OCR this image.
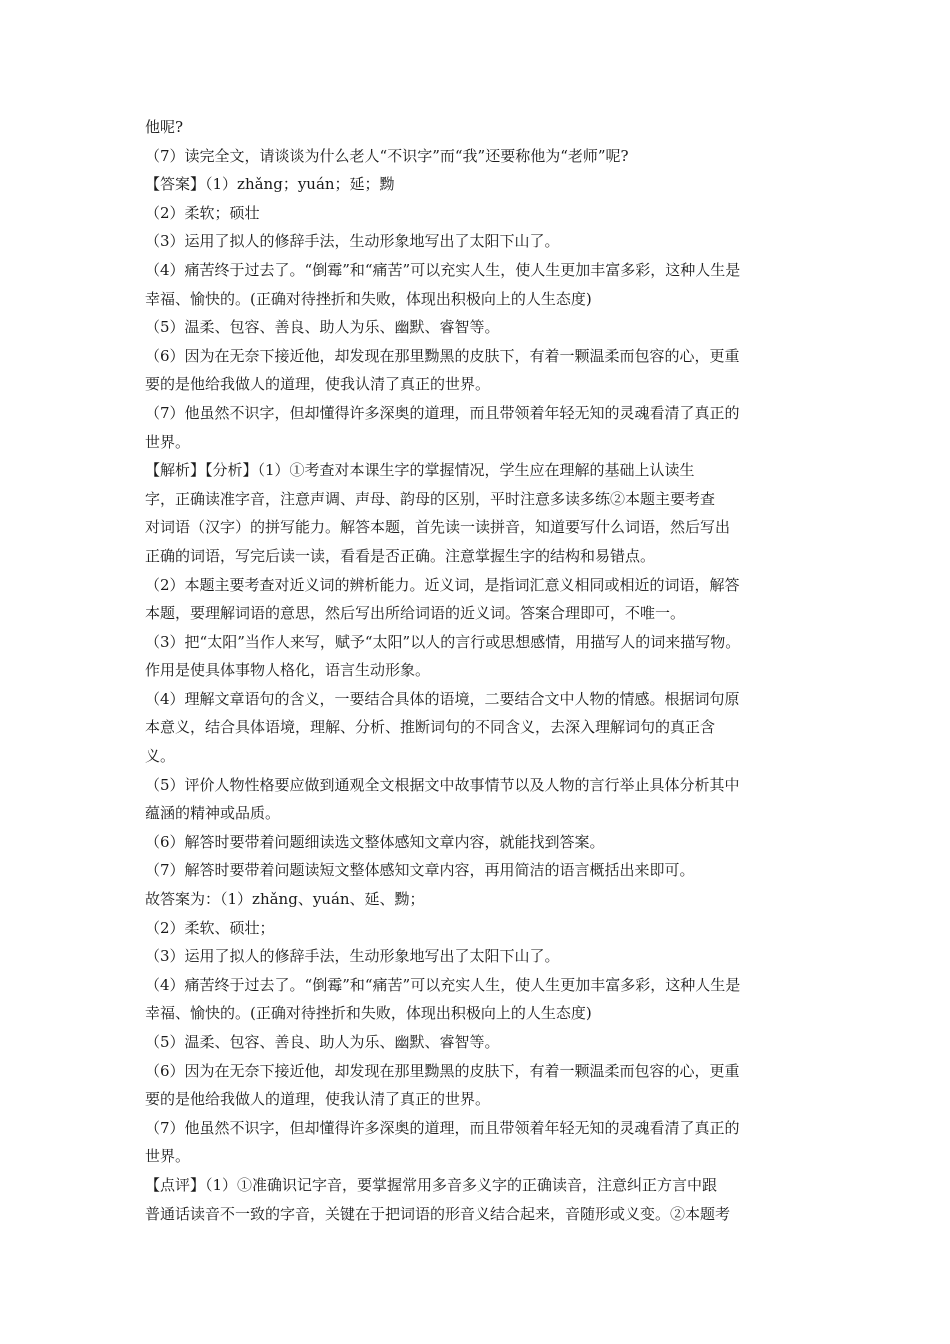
他呢?
（7）读完全文，请谈谈为什么老人“不识字”而“我”还要称他为“老师”呢?
【答案】（1）zhǎng；yuán；延；黝
（2）柔软；硕壮
（3）运用了拟人的修辞手法，生动形象地写出了太阳下山了。
（4）痛苦终于过去了。“倒霉”和“痛苦”可以充实人生，使人生更加丰富多彩，这种人生是
幸福、愉快的。(正确对待挫折和失败，体现出积极向上的人生态度)
（5）温柔、包容、善良、助人为乐、幽默、睿智等。
（6）因为在无奈下接近他，却发现在那里黝黑的皮肤下，有着一颗温柔而包容的心，更重
要的是他给我做人的道理，使我认清了真正的世界。
（7）他虽然不识字，但却懂得许多深奥的道理，而且带领着年轻无知的灵魂看清了真正的
世界。
【解析】【分析】（1）①考查对本课生字的掌握情况，学生应在理解的基础上认读生
字，正确读准字音，注意声调、声母、韵母的区别，平时注意多读多练②本题主要考查
对词语（汉字）的拼写能力。解答本题，首先读一读拼音，知道要写什么词语，然后写出
正确的词语，写完后读一读，看看是否正确。注意掌握生字的结构和易错点。
（2）本题主要考查对近义词的辨析能力。近义词，是指词汇意义相同或相近的词语，解答
本题，要理解词语的意思，然后写出所给词语的近义词。答案合理即可，不唯一。
（3）把“太阳”当作人来写，赋予“太阳”以人的言行或思想感情，用描写人的词来描写物。
作用是使具体事物人格化，语言生动形象。
（4）理解文章语句的含义，一要结合具体的语境，二要结合文中人物的情感。根据词句原
本意义，结合具体语境，理解、分析、推断词句的不同含义，去深入理解词句的真正含
义。
（5）评价人物性格要应做到通观全文根据文中故事情节以及人物的言行举止具体分析其中
蕴涵的精神或品质。
（6）解答时要带着问题细读选文整体感知文章内容，就能找到答案。
（7）解答时要带着问题读短文整体感知文章内容，再用简洁的语言概括出来即可。
故答案为：（1）zhǎng、yuán、延、黝；
（2）柔软、硕壮；
（3）运用了拟人的修辞手法，生动形象地写出了太阳下山了。
（4）痛苦终于过去了。“倒霉”和“痛苦”可以充实人生，使人生更加丰富多彩，这种人生是
幸福、愉快的。(正确对待挫折和失败，体现出积极向上的人生态度)
（5）温柔、包容、善良、助人为乐、幽默、睿智等。
（6）因为在无奈下接近他，却发现在那里黝黑的皮肤下，有着一颗温柔而包容的心，更重
要的是他给我做人的道理，使我认清了真正的世界。
（7）他虽然不识字，但却懂得许多深奥的道理，而且带领着年轻无知的灵魂看清了真正的
世界。
【点评】（1）①准确识记字音，要掌握常用多音多义字的正确读音，注意纠正方言中跟
普通话读音不一致的字音，关键在于把词语的形音义结合起来，音随形或义变。②本题考
